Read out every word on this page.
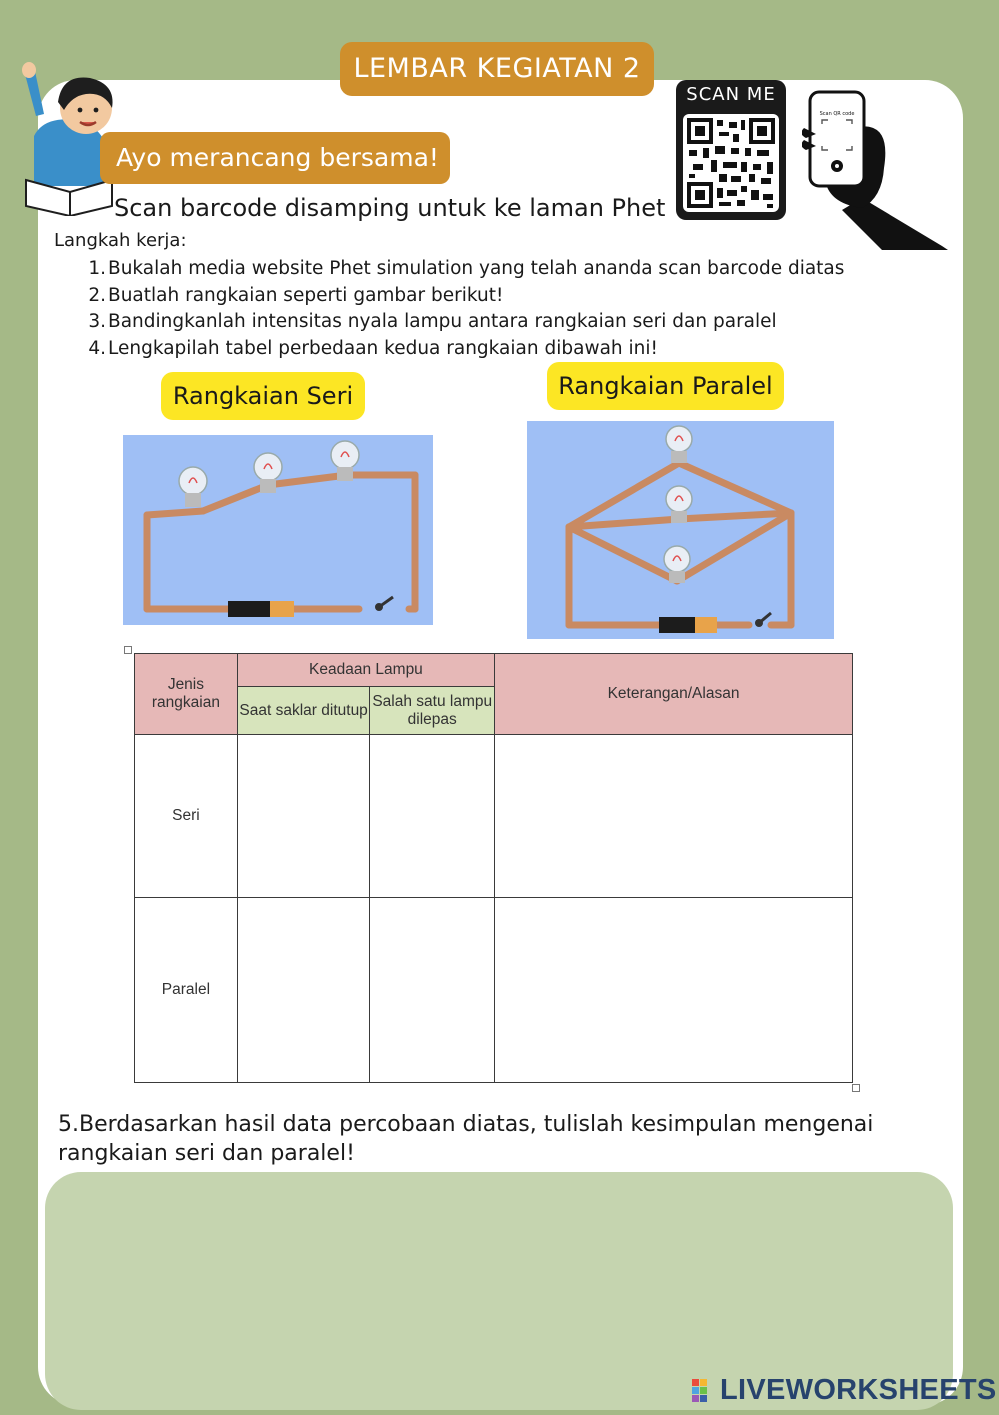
LEMBAR KEGIATAN 2
Ayo merancang bersama!
Scan barcode disamping untuk ke laman Phet
SCAN ME
Scan QR code
Langkah kerja:
1. Bukalah media website Phet simulation yang telah ananda scan barcode diatas
2. Buatlah rangkaian seperti gambar berikut!
3. Bandingkanlah intensitas nyala lampu antara rangkaian seri dan paralel
4. Lengkapilah tabel perbedaan kedua rangkaian dibawah ini!
Rangkaian Seri	Rangkaian Paralel
Jenis rangkaian	Keadaan Lampu		Keterangan/Alasan
	Saat saklar ditutup	Salah satu lampu dilepas	
Seri			
Paralel			
5.Berdasarkan hasil data percobaan diatas, tulislah kesimpulan mengenai rangkaian seri dan paralel!
LIVEWORKSHEETS
